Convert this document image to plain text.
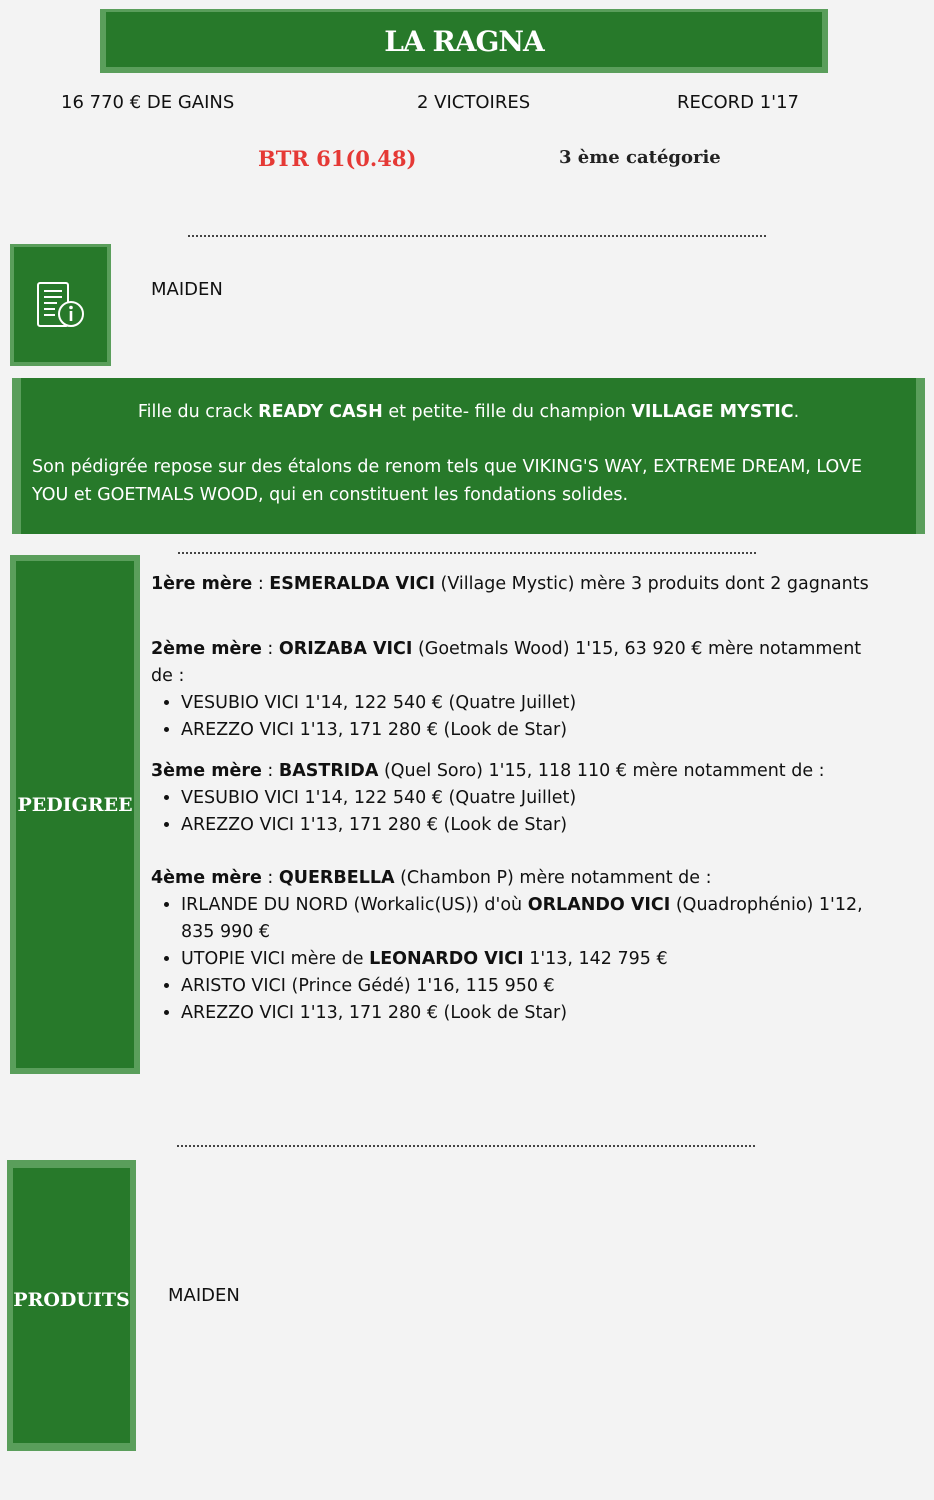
LA RAGNA
16 770 € DE GAINS	2 VICTOIRES	RECORD 1'17
BTR 61(0.48)	3 ème catégorie
MAIDEN
Fille du crack READY CASH et petite- fille du champion VILLAGE MYSTIC.
Son pédigrée repose sur des étalons de renom tels que VIKING'S WAY, EXTREME DREAM, LOVE YOU et GOETMALS WOOD, qui en constituent les fondations solides.
PEDIGREE
1ère mère : ESMERALDA VICI (Village Mystic) mère 3 produits dont 2 gagnants
2ème mère : ORIZABA VICI (Goetmals Wood) 1'15, 63 920 € mère notamment de :
• VESUBIO VICI 1'14, 122 540 € (Quatre Juillet)
• AREZZO VICI 1'13, 171 280 € (Look de Star)
3ème mère : BASTRIDA (Quel Soro) 1'15, 118 110 € mère notamment de :
• VESUBIO VICI 1'14, 122 540 € (Quatre Juillet)
• AREZZO VICI 1'13, 171 280 € (Look de Star)
4ème mère : QUERBELLA (Chambon P) mère notamment de :
• IRLANDE DU NORD (Workalic(US)) d'où ORLANDO VICI (Quadrophénio) 1'12, 835 990 €
• UTOPIE VICI mère de LEONARDO VICI 1'13, 142 795 €
• ARISTO VICI (Prince Gédé) 1'16, 115 950 €
• AREZZO VICI 1'13, 171 280 € (Look de Star)
PRODUITS	MAIDEN
